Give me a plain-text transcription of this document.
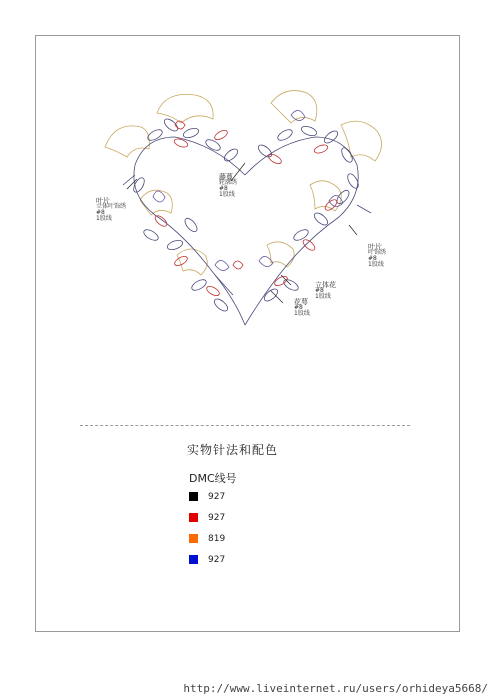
叶片
立体叶饰绣
#8
1股线
藤蔓
轮廓绣
#8
1股线
叶片
叶饰绣
#8
1股线
立体花
#8
1股线
花萼
#8
1股线
实物针法和配色
DMC线号
927
927
819
927
http://www.liveinternet.ru/users/orhideya5668/
